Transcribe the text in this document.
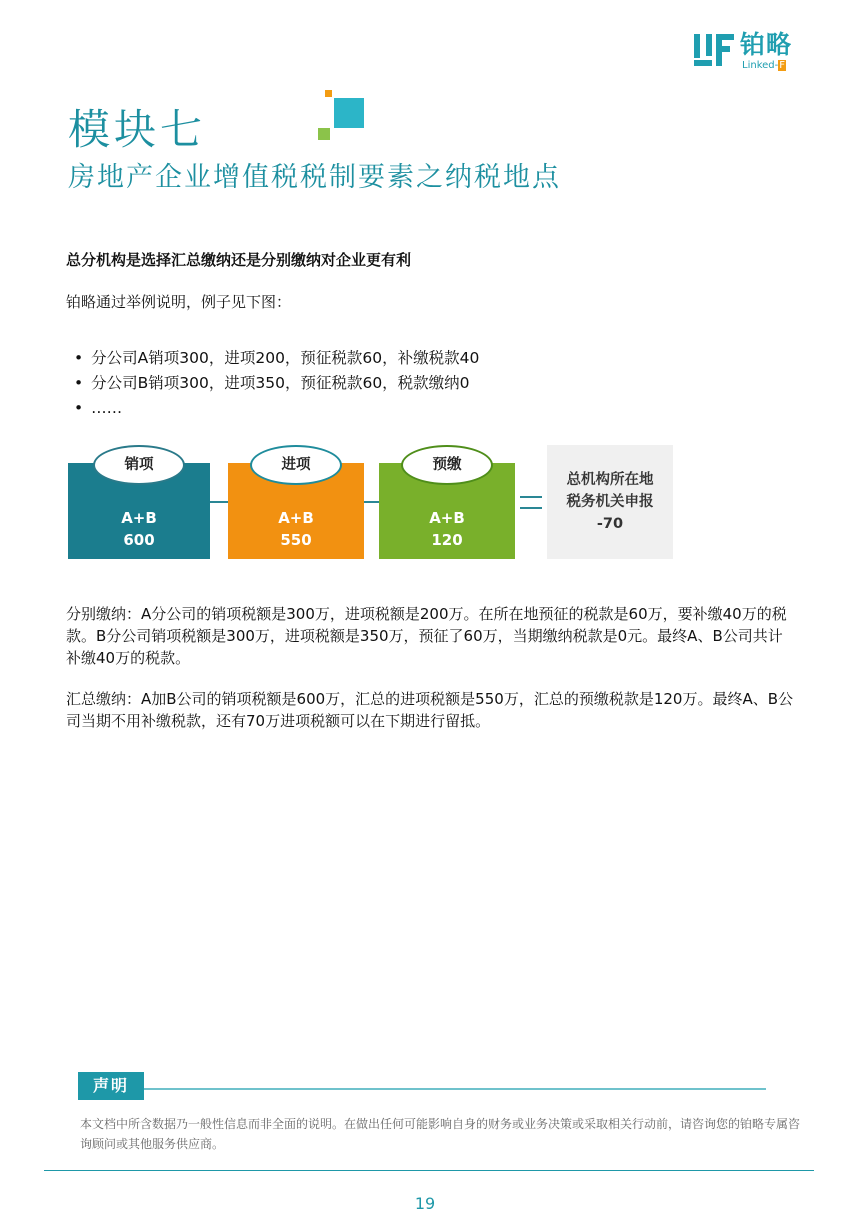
铂略
Linked-F
模块七
房地产企业增值税税制要素之纳税地点
总分机构是选择汇总缴纳还是分别缴纳对企业更有利
铂略通过举例说明，例子见下图：
• 分公司A销项300，进项200，预征税款60，补缴税款40
• 分公司B销项300，进项350，预征税款60，税款缴纳0
• ……
销项
A+B
600
进项
A+B
550
预缴
A+B
120
总机构所在地
税务机关申报
-70

分别缴纳：A分公司的销项税额是300万，进项税额是200万。在所在地预征的税款是60万，要补缴40万的税款。B分公司销项税额是300万，进项税额是350万，预征了60万，当期缴纳税款是0元。最终A、B公司共计补缴40万的税款。

汇总缴纳：A加B公司的销项税额是600万，汇总的进项税额是550万，汇总的预缴税款是120万。最终A、B公司当期不用补缴税款，还有70万进项税额可以在下期进行留抵。

声明

本文档中所含数据乃一般性信息而非全面的说明。在做出任何可能影响自身的财务或业务决策或采取相关行动前，请咨询您的铂略专属咨询顾问或其他服务供应商。

19
